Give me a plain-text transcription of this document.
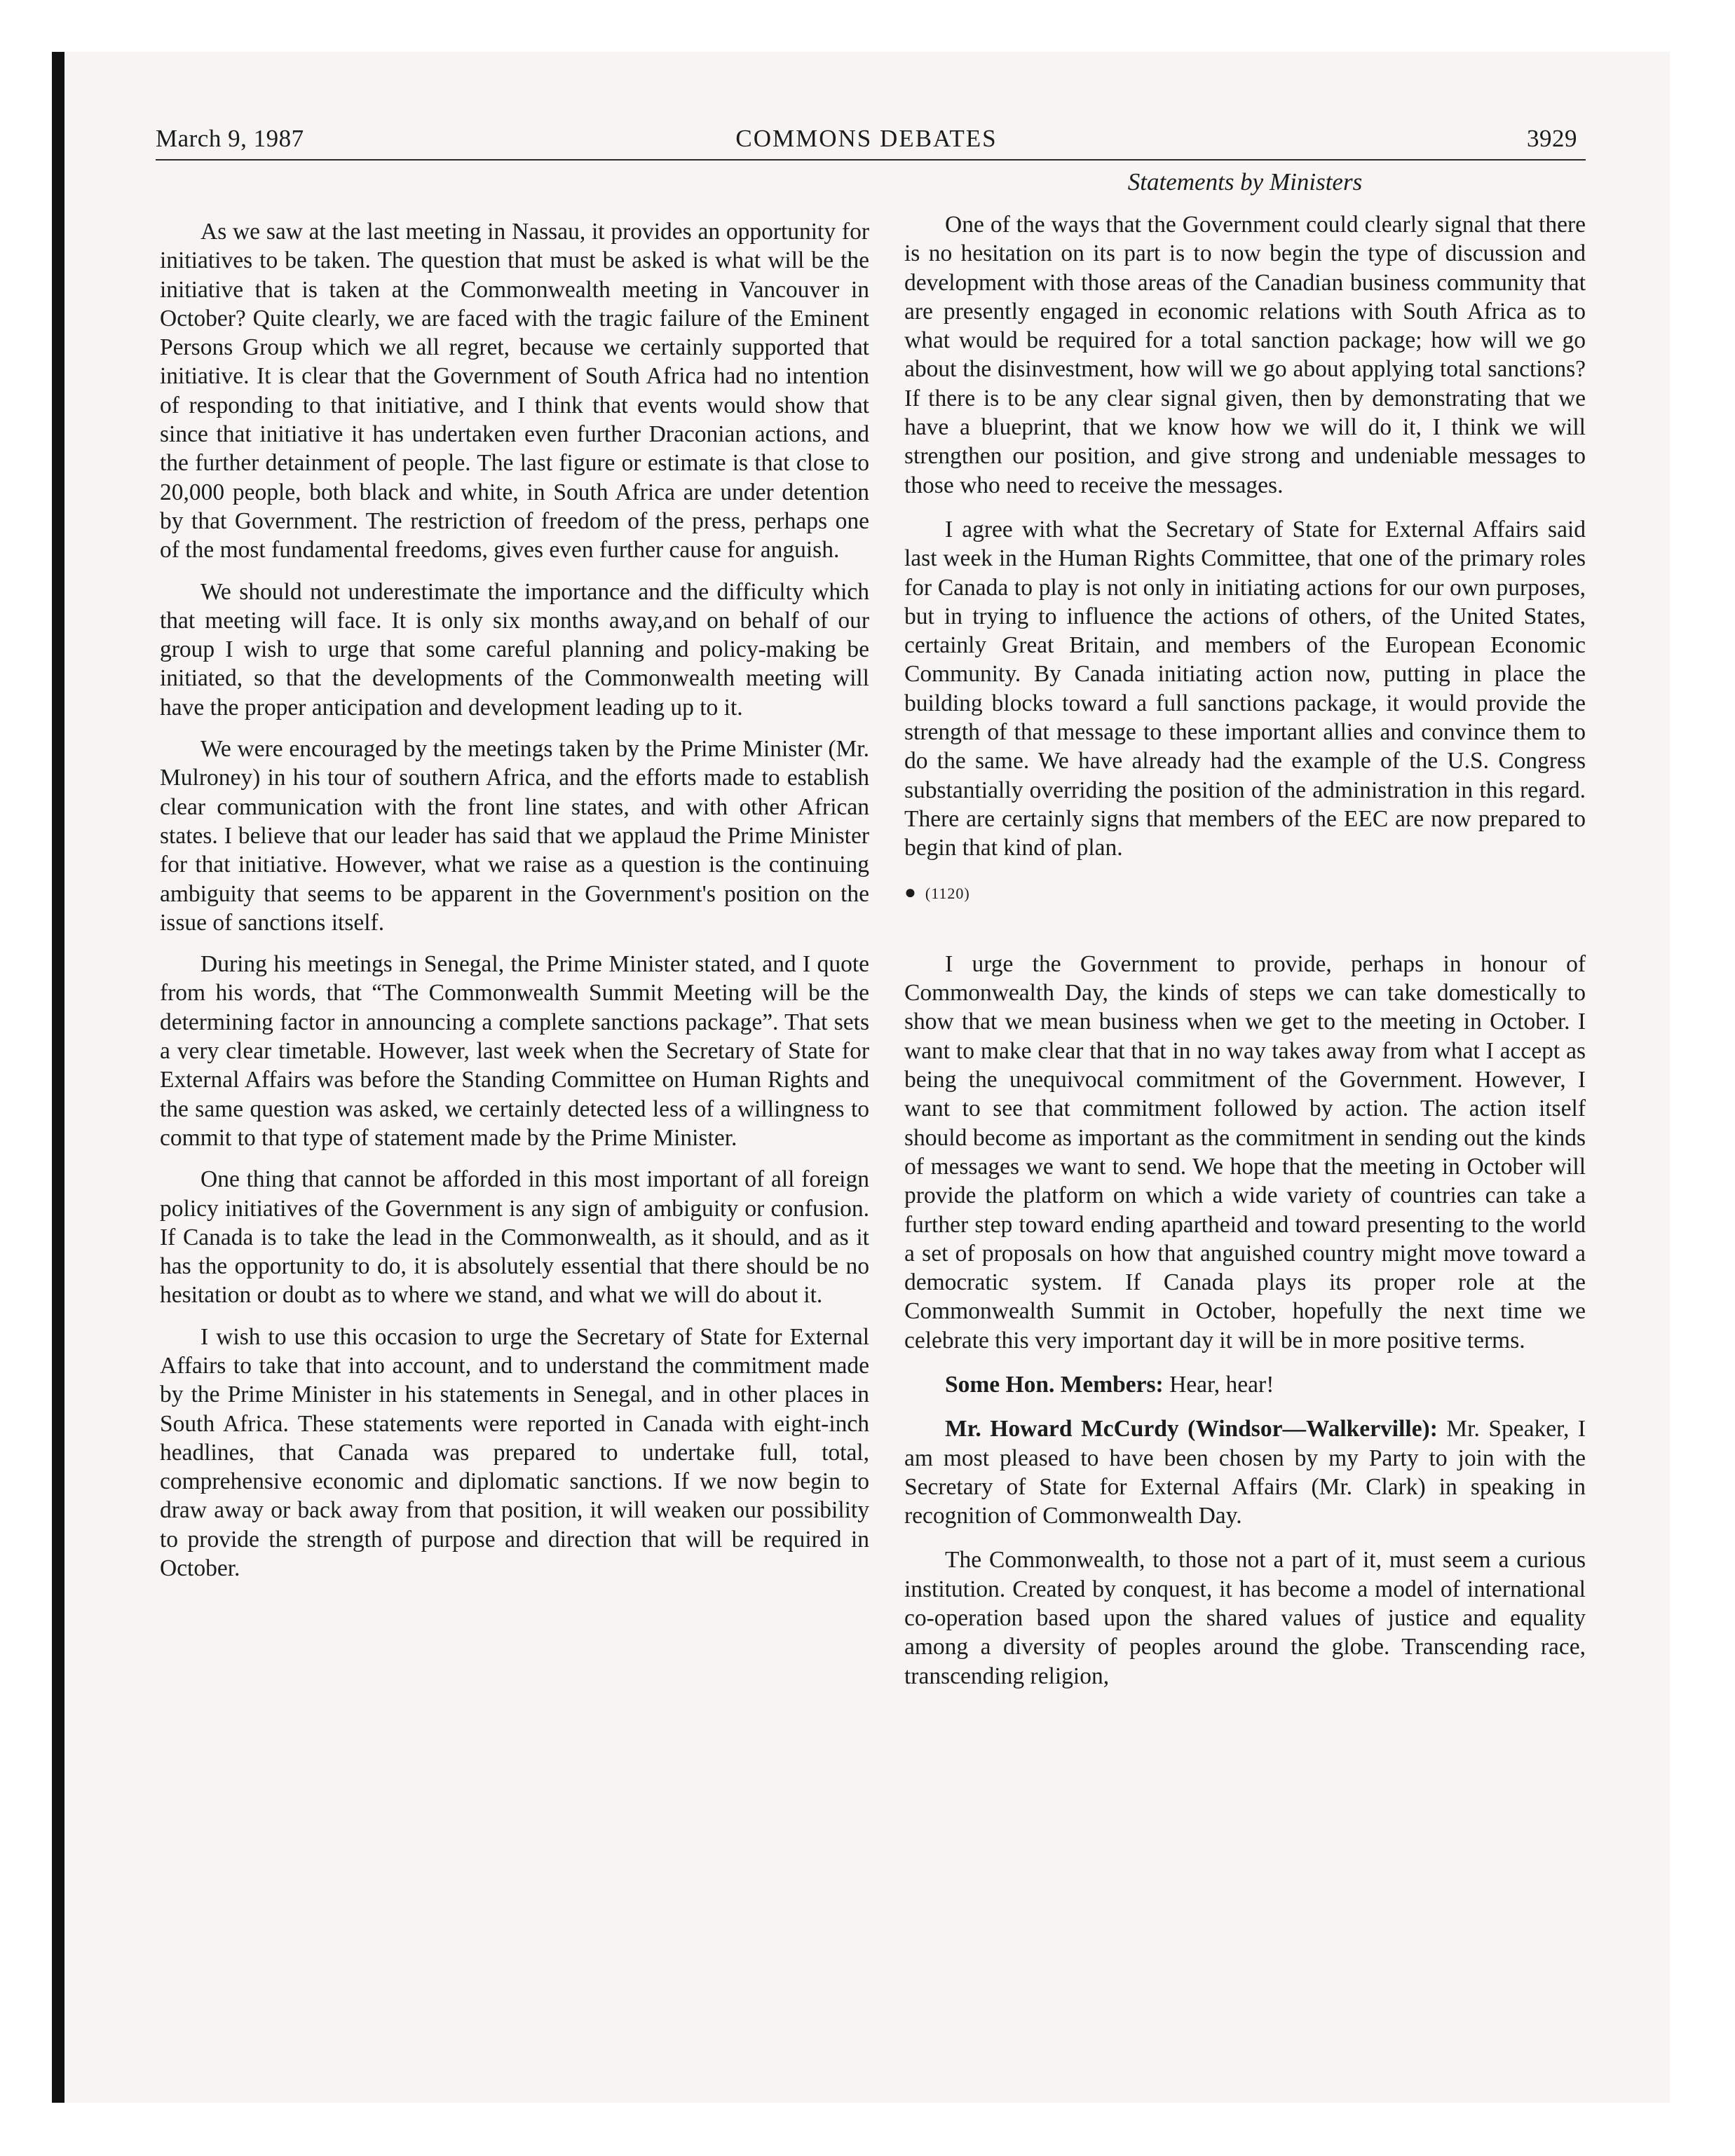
March 9, 1987	COMMONS DEBATES	3929
Statements by Ministers

As we saw at the last meeting in Nassau, it provides an opportunity for initiatives to be taken. The question that must be asked is what will be the initiative that is taken at the Commonwealth meeting in Vancouver in October? Quite clearly, we are faced with the tragic failure of the Eminent Persons Group which we all regret, because we certainly supported that initiative. It is clear that the Government of South Africa had no intention of responding to that initiative, and I think that events would show that since that initiative it has undertaken even further Draconian actions, and the further detainment of people. The last figure or estimate is that close to 20,000 people, both black and white, in South Africa are under detention by that Government. The restriction of freedom of the press, perhaps one of the most fundamental freedoms, gives even further cause for anguish.

We should not underestimate the importance and the difficulty which that meeting will face. It is only six months away,and on behalf of our group I wish to urge that some careful planning and policy-making be initiated, so that the developments of the Commonwealth meeting will have the proper anticipation and development leading up to it.

We were encouraged by the meetings taken by the Prime Minister (Mr. Mulroney) in his tour of southern Africa, and the efforts made to establish clear communication with the front line states, and with other African states. I believe that our leader has said that we applaud the Prime Minister for that initiative. However, what we raise as a question is the continuing ambiguity that seems to be apparent in the Government's position on the issue of sanctions itself.

During his meetings in Senegal, the Prime Minister stated, and I quote from his words, that “The Commonwealth Summit Meeting will be the determining factor in announcing a complete sanctions package”. That sets a very clear timetable. However, last week when the Secretary of State for External Affairs was before the Standing Committee on Human Rights and the same question was asked, we certainly detected less of a willingness to commit to that type of statement made by the Prime Minister.

One thing that cannot be afforded in this most important of all foreign policy initiatives of the Government is any sign of ambiguity or confusion. If Canada is to take the lead in the Commonwealth, as it should, and as it has the opportunity to do, it is absolutely essential that there should be no hesitation or doubt as to where we stand, and what we will do about it.

I wish to use this occasion to urge the Secretary of State for External Affairs to take that into account, and to understand the commitment made by the Prime Minister in his statements in Senegal, and in other places in South Africa. These statements were reported in Canada with eight-inch headlines, that Canada was prepared to undertake full, total, comprehensive economic and diplomatic sanctions. If we now begin to draw away or back away from that position, it will weaken our possibility to provide the strength of purpose and direction that will be required in October.

One of the ways that the Government could clearly signal that there is no hesitation on its part is to now begin the type of discussion and development with those areas of the Canadian business community that are presently engaged in economic relations with South Africa as to what would be required for a total sanction package; how will we go about the disinvestment, how will we go about applying total sanctions? If there is to be any clear signal given, then by demonstrating that we have a blueprint, that we know how we will do it, I think we will strengthen our position, and give strong and undeniable messages to those who need to receive the messages.

I agree with what the Secretary of State for External Affairs said last week in the Human Rights Committee, that one of the primary roles for Canada to play is not only in initiating actions for our own purposes, but in trying to influence the actions of others, of the United States, certainly Great Britain, and members of the European Economic Community. By Canada initiating action now, putting in place the building blocks toward a full sanctions package, it would provide the strength of that message to these important allies and convince them to do the same. We have already had the example of the U.S. Congress substantially overriding the position of the administration in this regard. There are certainly signs that members of the EEC are now prepared to begin that kind of plan.

● (1120)

I urge the Government to provide, perhaps in honour of Commonwealth Day, the kinds of steps we can take domestically to show that we mean business when we get to the meeting in October. I want to make clear that that in no way takes away from what I accept as being the unequivocal commitment of the Government. However, I want to see that commitment followed by action. The action itself should become as important as the commitment in sending out the kinds of messages we want to send. We hope that the meeting in October will provide the platform on which a wide variety of countries can take a further step toward ending apartheid and toward presenting to the world a set of proposals on how that anguished country might move toward a democratic system. If Canada plays its proper role at the Commonwealth Summit in October, hopefully the next time we celebrate this very important day it will be in more positive terms.

Some Hon. Members: Hear, hear!

Mr. Howard McCurdy (Windsor—Walkerville): Mr. Speaker, I am most pleased to have been chosen by my Party to join with the Secretary of State for External Affairs (Mr. Clark) in speaking in recognition of Commonwealth Day.

The Commonwealth, to those not a part of it, must seem a curious institution. Created by conquest, it has become a model of international co-operation based upon the shared values of justice and equality among a diversity of peoples around the globe. Transcending race, transcending religion,
